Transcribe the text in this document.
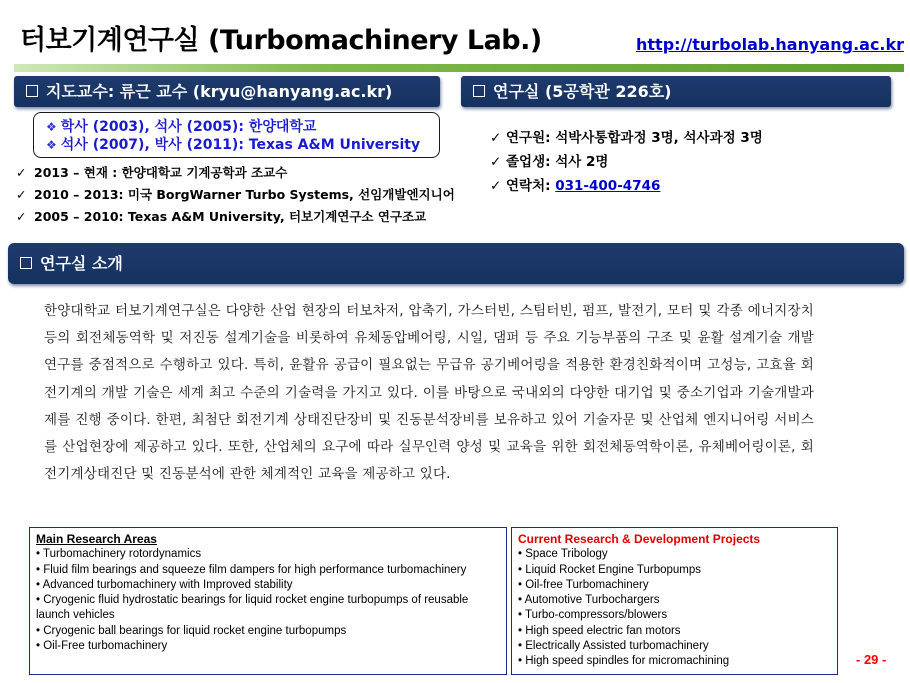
터보기계연구실 (Turbomachinery Lab.)	http://turbolab.hanyang.ac.kr
지도교수: 류근 교수 (kryu@hanyang.ac.kr)	연구실 (5공학관 226호)
❖ 학사 (2003), 석사 (2005): 한양대학교
❖ 석사 (2007), 박사 (2011): Texas A&M University
✓ 2013 – 현재 : 한양대학교 기계공학과 조교수
✓ 2010 – 2013: 미국 BorgWarner Turbo Systems, 선임개발엔지니어
✓ 2005 – 2010: Texas A&M University, 터보기계연구소 연구조교
✓ 연구원: 석박사통합과정 3명, 석사과정 3명
✓ 졸업생: 석사 2명
✓ 연락처: 031-400-4746
연구실 소개
한양대학교 터보기계연구실은 다양한 산업 현장의 터보차저, 압축기, 가스터빈, 스팀터빈, 펌프, 발전기, 모터 및 각종 에너지장치 등의 회전체동역학 및 저진동 설계기술을 비롯하여 유체동압베어링, 시일, 댐퍼 등 주요 기능부품의 구조 및 윤활 설계기술 개발 연구를 중점적으로 수행하고 있다. 특히, 윤활유 공급이 필요없는 무급유 공기베어링을 적용한 환경친화적이며 고성능, 고효율 회전기계의 개발 기술은 세계 최고 수준의 기술력을 가지고 있다. 이를 바탕으로 국내외의 다양한 대기업 및 중소기업과 기술개발과제를 진행 중이다. 한편, 최첨단 회전기계 상태진단장비 및 진동분석장비를 보유하고 있어 기술자문 및 산업체 엔지니어링 서비스를 산업현장에 제공하고 있다. 또한, 산업체의 요구에 따라 실무인력 양성 및 교육을 위한 회전체동역학이론, 유체베어링이론, 회전기계상태진단 및 진동분석에 관한 체계적인 교육을 제공하고 있다.
Main Research Areas
• Turbomachinery rotordynamics
• Fluid film bearings and squeeze film dampers for high performance turbomachinery
• Advanced turbomachinery with Improved stability
• Cryogenic fluid hydrostatic bearings for liquid rocket engine turbopumps of reusable launch vehicles
• Cryogenic ball bearings for liquid rocket engine turbopumps
• Oil-Free turbomachinery
Current Research & Development Projects
• Space Tribology
• Liquid Rocket Engine Turbopumps
• Oil-free Turbomachinery
• Automotive Turbochargers
• Turbo-compressors/blowers
• High speed electric fan motors
• Electrically Assisted turbomachinery
• High speed spindles for micromachining	- 29 -
